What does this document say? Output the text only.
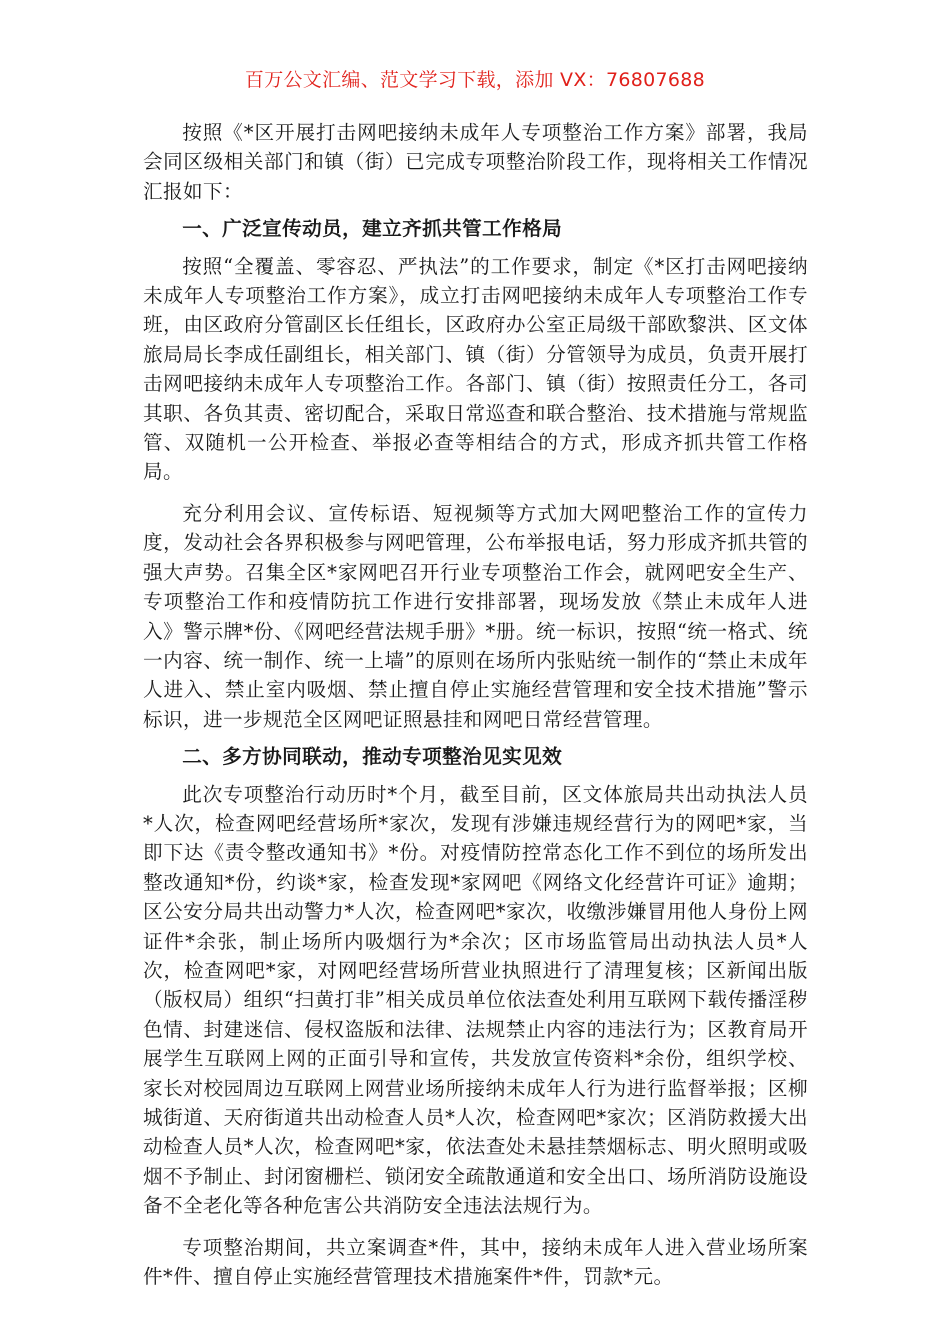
百万公文汇编、范文学习下载，添加 VX：76807688

按照《*区开展打击网吧接纳未成年人专项整治工作方案》部署，我局会同区级相关部门和镇（街）已完成专项整治阶段工作，现将相关工作情况汇报如下：

一、广泛宣传动员，建立齐抓共管工作格局

按照“全覆盖、零容忍、严执法”的工作要求，制定《*区打击网吧接纳未成年人专项整治工作方案》，成立打击网吧接纳未成年人专项整治工作专班，由区政府分管副区长任组长，区政府办公室正局级干部欧黎洪、区文体旅局局长李成任副组长，相关部门、镇（街）分管领导为成员，负责开展打击网吧接纳未成年人专项整治工作。各部门、镇（街）按照责任分工，各司其职、各负其责、密切配合，采取日常巡查和联合整治、技术措施与常规监管、双随机一公开检查、举报必查等相结合的方式，形成齐抓共管工作格局。

充分利用会议、宣传标语、短视频等方式加大网吧整治工作的宣传力度，发动社会各界积极参与网吧管理，公布举报电话，努力形成齐抓共管的强大声势。召集全区*家网吧召开行业专项整治工作会，就网吧安全生产、专项整治工作和疫情防抗工作进行安排部署，现场发放《禁止未成年人进入》警示牌*份、《网吧经营法规手册》*册。统一标识，按照“统一格式、统一内容、统一制作、统一上墙”的原则在场所内张贴统一制作的“禁止未成年人进入、禁止室内吸烟、禁止擅自停止实施经营管理和安全技术措施”警示标识，进一步规范全区网吧证照悬挂和网吧日常经营管理。

二、多方协同联动，推动专项整治见实见效

此次专项整治行动历时*个月，截至目前，区文体旅局共出动执法人员 *人次，检查网吧经营场所*家次，发现有涉嫌违规经营行为的网吧*家，当即下达《责令整改通知书》*份。对疫情防控常态化工作不到位的场所发出整改通知*份，约谈*家，检查发现*家网吧《网络文化经营许可证》逾期；区公安分局共出动警力*人次，检查网吧*家次，收缴涉嫌冒用他人身份上网证件*余张，制止场所内吸烟行为*余次；区市场监管局出动执法人员*人次，检查网吧*家，对网吧经营场所营业执照进行了清理复核；区新闻出版（版权局）组织“扫黄打非”相关成员单位依法查处利用互联网下载传播淫秽色情、封建迷信、侵权盗版和法律、法规禁止内容的违法行为；区教育局开展学生互联网上网的正面引导和宣传，共发放宣传资料*余份，组织学校、家长对校园周边互联网上网营业场所接纳未成年人行为进行监督举报；区柳城街道、天府街道共出动检查人员*人次，检查网吧*家次；区消防救援大出动检查人员*人次，检查网吧*家，依法查处未悬挂禁烟标志、明火照明或吸烟不予制止、封闭窗栅栏、锁闭安全疏散通道和安全出口、场所消防设施设备不全老化等各种危害公共消防安全违法法规行为。

专项整治期间，共立案调查*件，其中，接纳未成年人进入营业场所案件*件、擅自停止实施经营管理技术措施案件*件，罚款*元。
